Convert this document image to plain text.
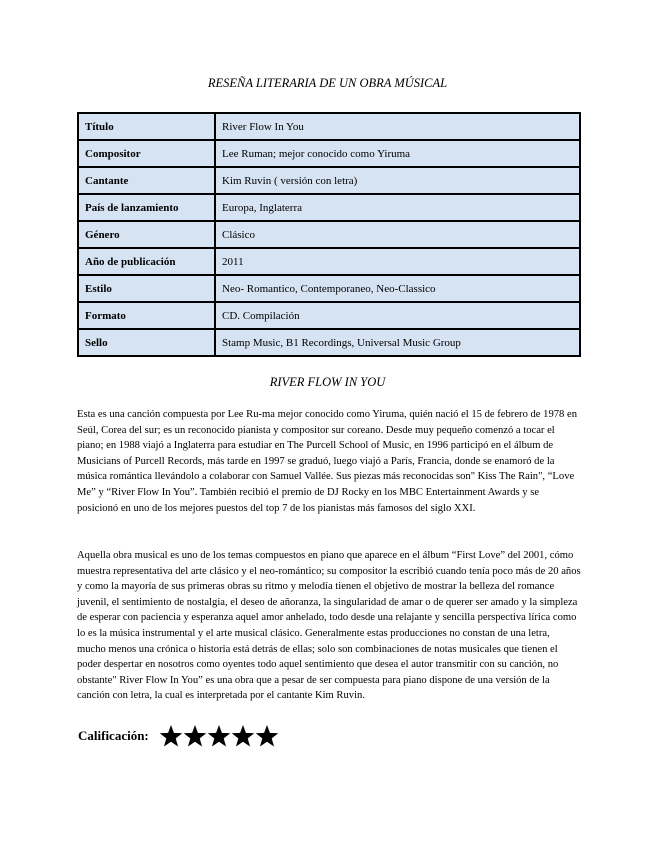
RESEÑA LITERARIA DE UN OBRA MÚSICAL
Título	River Flow In You
Compositor	Lee Ruman; mejor conocido como Yiruma
Cantante	Kim Ruvin ( versión con letra)
País de lanzamiento	Europa, Inglaterra
Género	Clásico
Año de publicación	2011
Estilo	Neo- Romantico, Contemporaneo, Neo-Classico
Formato	CD. Compilación
Sello	Stamp Music, B1 Recordings, Universal Music Group
RIVER FLOW IN YOU

Esta es una canción compuesta por Lee Ru-ma mejor conocido como Yiruma, quién nació el 15 de febrero de 1978 en Seúl, Corea del sur; es un reconocido pianista y compositor sur coreano. Desde muy pequeño comenzó a tocar el piano; en 1988 viajó a Inglaterra para estudiar en The Purcell School of Music, en 1996 participó en el álbum de Musicians of Purcell Records, más tarde en 1997 se graduó, luego viajó a París, Francia, donde se enamoró de la música romántica llevándolo a colaborar con Samuel Vallée. Sus piezas más reconocidas son" Kiss The Rain", “Love Me” y “River Flow In You”. También recibió el premio de DJ Rocky en los MBC Entertainment Awards y se posicionó en uno de los mejores puestos del top 7 de los pianistas más famosos del siglo XXI.

Aquella obra musical es uno de los temas compuestos en piano que aparece en el álbum “First Love” del 2001, cómo muestra representativa del arte clásico y el neo-romántico; su compositor la escribió cuando tenía poco más de 20 años y como la mayoría de sus primeras obras su ritmo y melodía tienen el objetivo de mostrar la belleza del romance juvenil, el sentimiento de nostalgia, el deseo de añoranza, la singularidad de amar o de querer ser amado y la simpleza de esperar con paciencia y esperanza aquel amor anhelado, todo desde una relajante y sencilla perspectiva lírica como lo es la música instrumental y el arte musical clásico. Generalmente estas producciones no constan de una letra, mucho menos una crónica o historia está detrás de ellas; solo son combinaciones de notas musicales que tienen el poder despertar en nosotros como oyentes todo aquel sentimiento que desea el autor transmitir con su canción, no obstante" River Flow In You” es una obra que a pesar de ser compuesta para piano dispone de una versión de la canción con letra, la cual es interpretada por el cantante Kim Ruvin.

Calificación:
